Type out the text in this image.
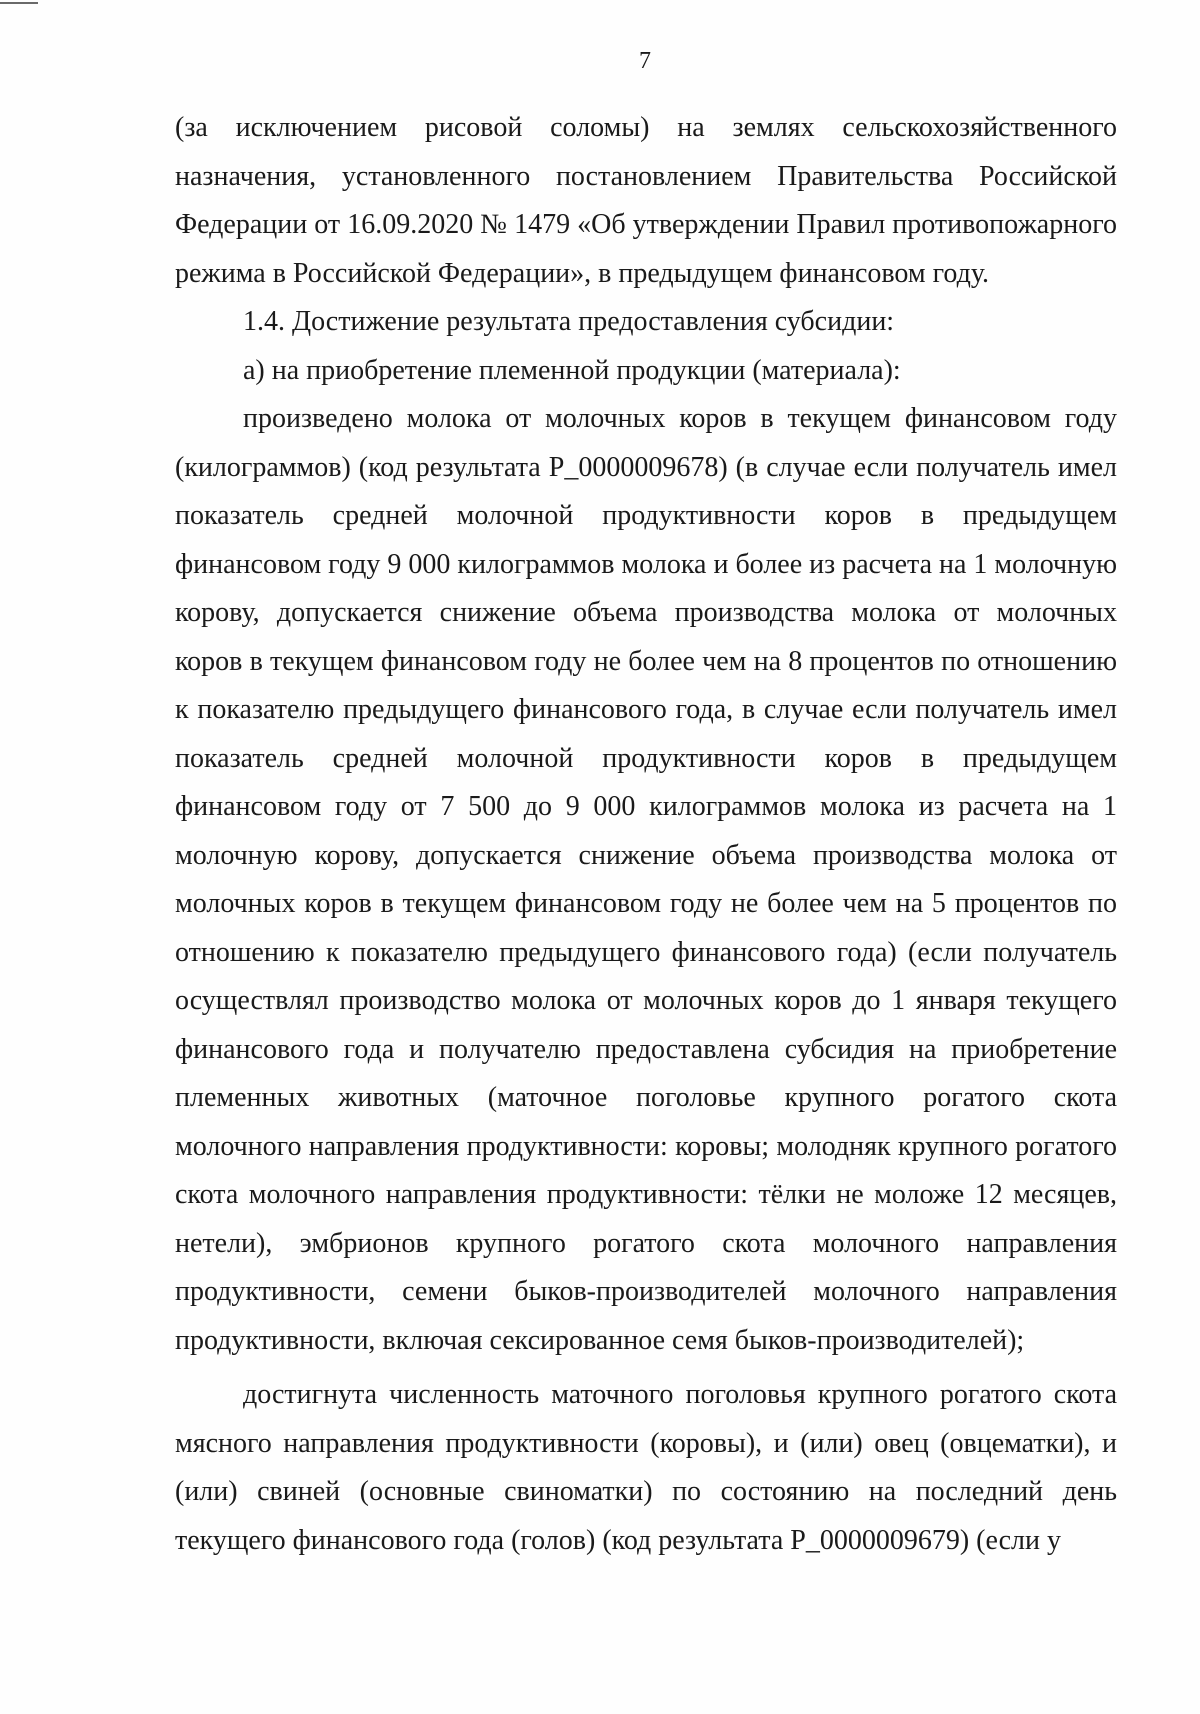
7

(за исключением рисовой соломы) на землях сельскохозяйственного назначения, установленного постановлением Правительства Российской Федерации от 16.09.2020 № 1479 «Об утверждении Правил противопожарного режима в Российской Федерации», в предыдущем финансовом году.

1.4. Достижение результата предоставления субсидии:

а) на приобретение племенной продукции (материала):

произведено молока от молочных коров в текущем финансовом году (килограммов) (код результата Р_0000009678) (в случае если получатель имел показатель средней молочной продуктивности коров в предыдущем финансовом году 9 000 килограммов молока и более из расчета на 1 молочную корову, допускается снижение объема производства молока от молочных коров в текущем финансовом году не более чем на 8 процентов по отношению к показателю предыдущего финансового года, в случае если получатель имел показатель средней молочной продуктивности коров в предыдущем финансовом году от 7 500 до 9 000 килограммов молока из расчета на 1 молочную корову, допускается снижение объема производства молока от молочных коров в текущем финансовом году не более чем на 5 процентов по отношению к показателю предыдущего финансового года) (если получатель осуществлял производство молока от молочных коров до 1 января текущего финансового года и получателю предоставлена субсидия на приобретение племенных животных (маточное поголовье крупного рогатого скота молочного направления продуктивности: коровы; молодняк крупного рогатого скота молочного направления продуктивности: тёлки не моложе 12 месяцев, нетели), эмбрионов крупного рогатого скота молочного направления продуктивности, семени быков-производителей молочного направления продуктивности, включая сексированное семя быков-производителей);

достигнута численность маточного поголовья крупного рогатого скота мясного направления продуктивности (коровы), и (или) овец (овцематки), и (или) свиней (основные свиноматки) по состоянию на последний день текущего финансового года (голов) (код результата Р_0000009679) (если у
